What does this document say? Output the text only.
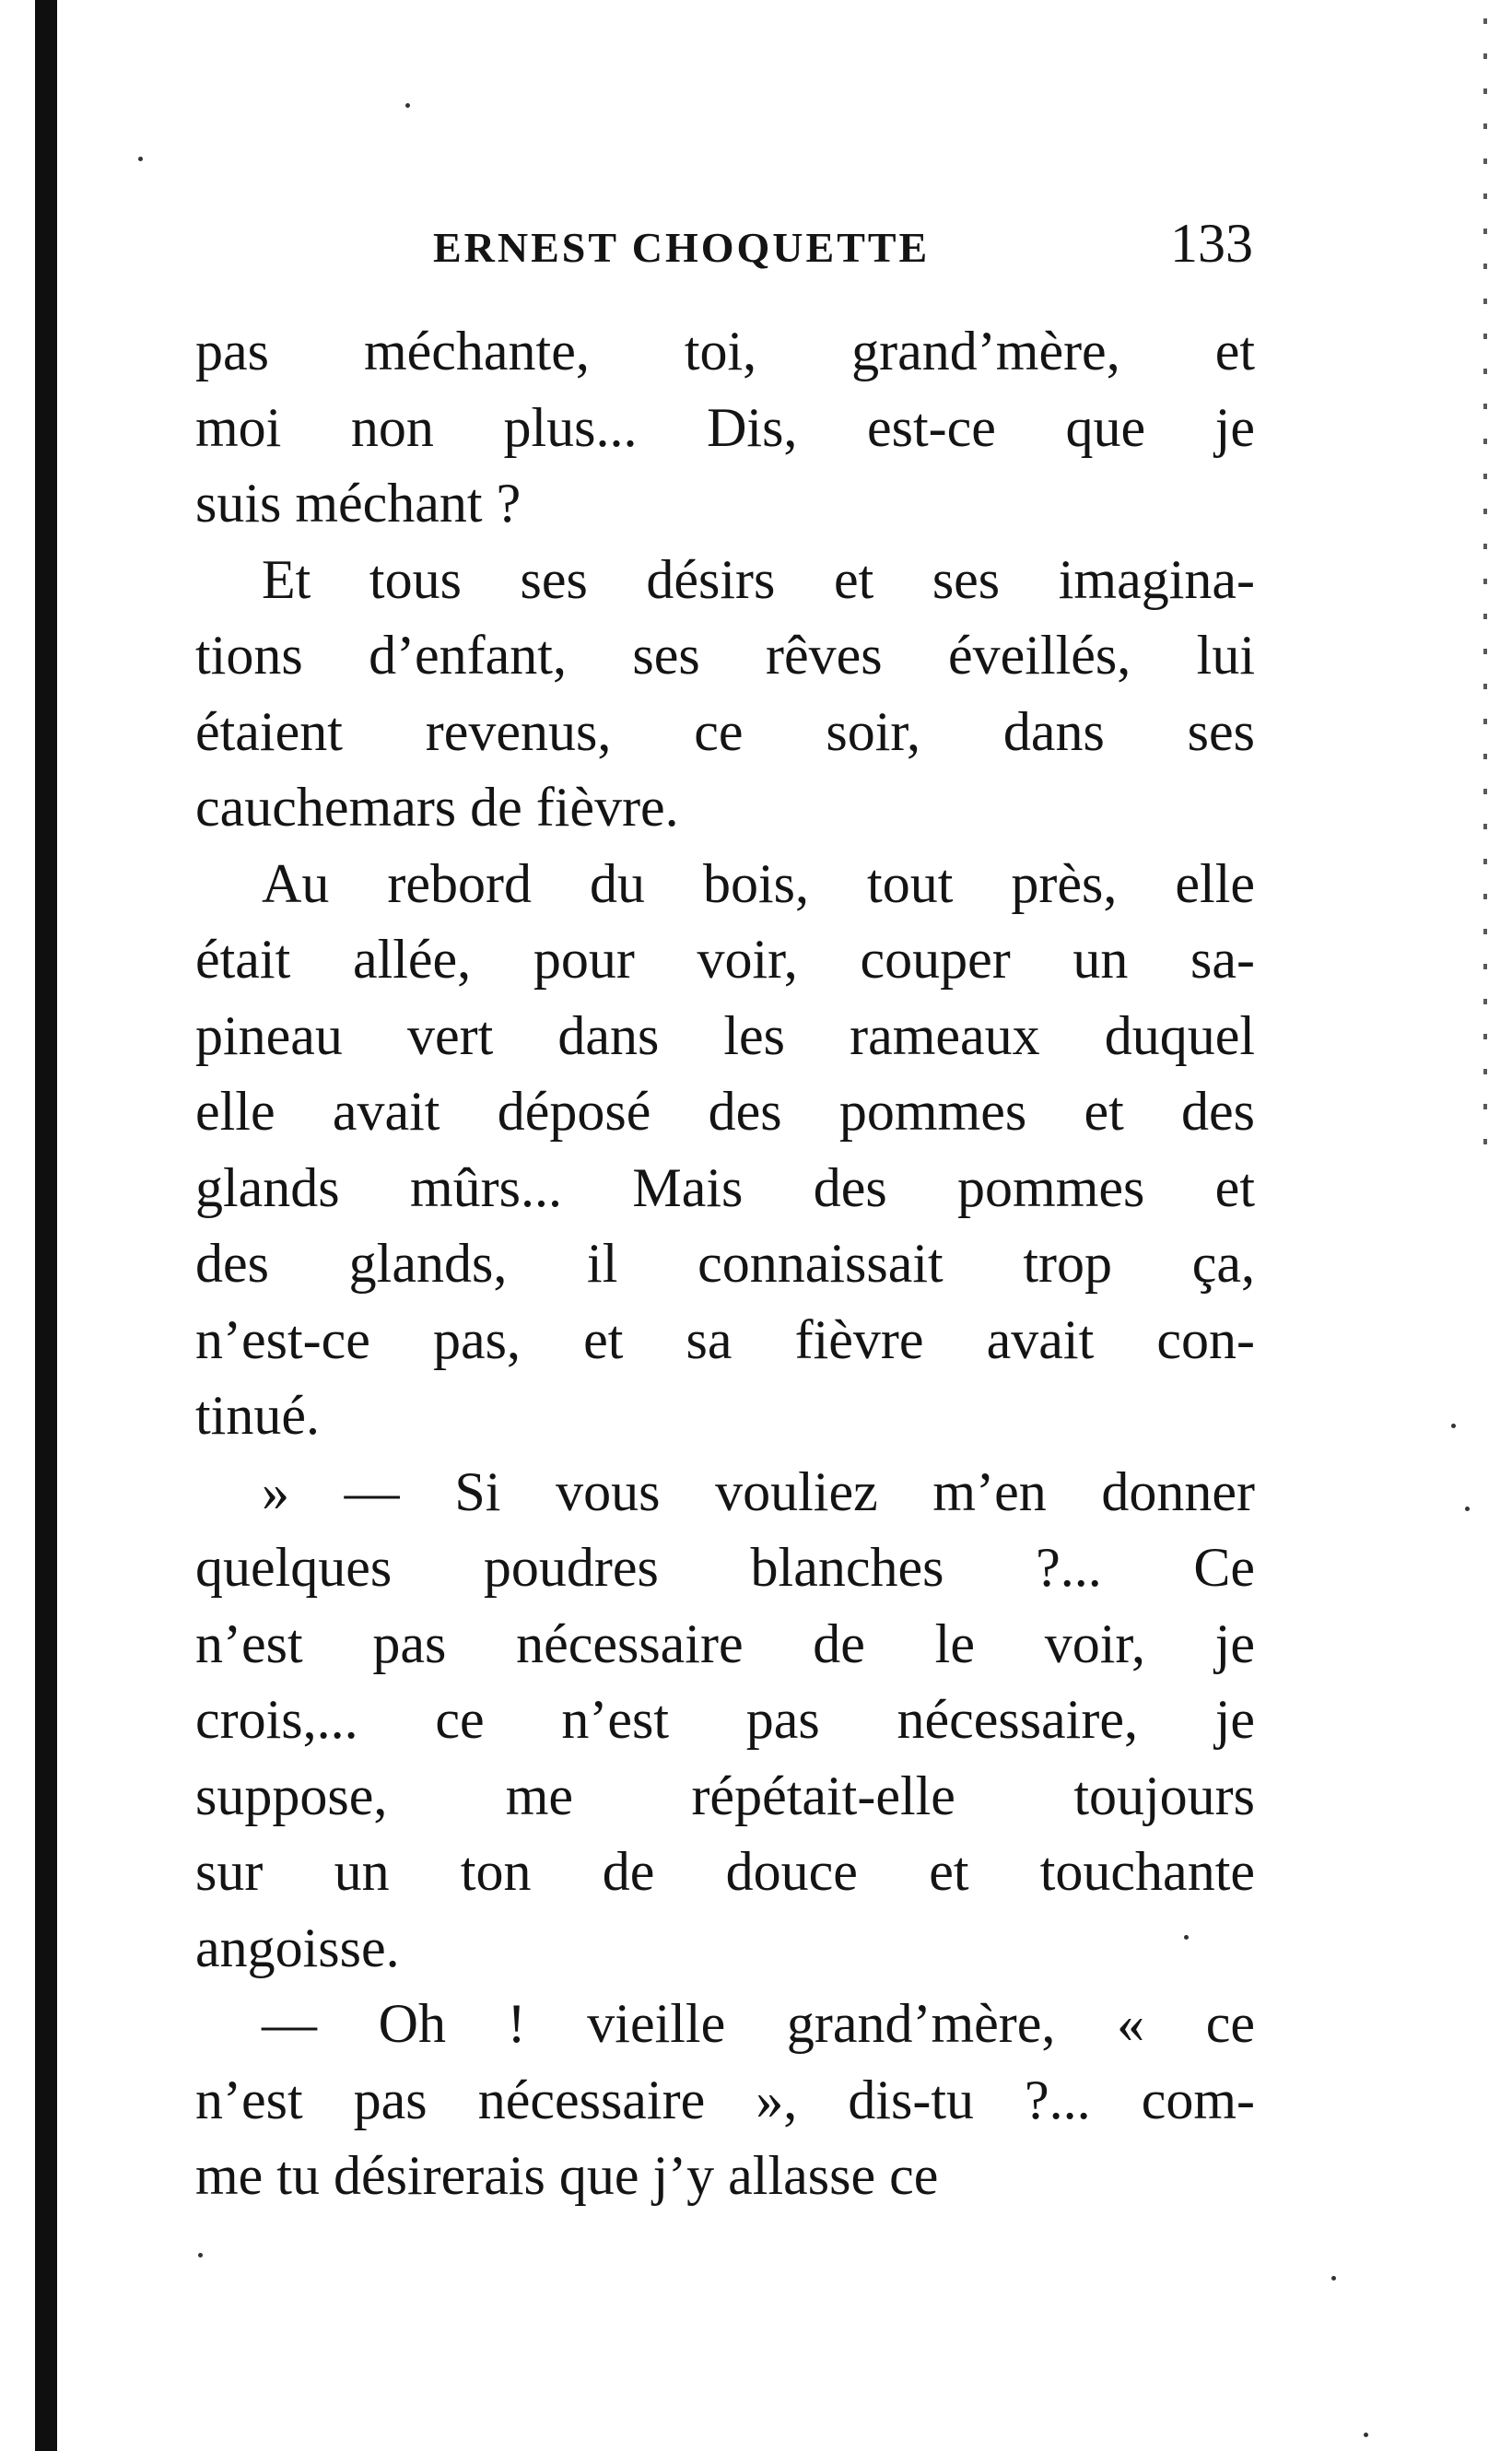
ERNEST CHOQUETTE	133
pas méchante, toi, grand’mère, et
moi non plus... Dis, est-ce que je
suis méchant ?
Et tous ses désirs et ses imagina-
tions d’enfant, ses rêves éveillés, lui
étaient revenus, ce soir, dans ses
cauchemars de fièvre.
Au rebord du bois, tout près, elle
était allée, pour voir, couper un sa-
pineau vert dans les rameaux duquel
elle avait déposé des pommes et des
glands mûrs... Mais des pommes et
des glands, il connaissait trop ça,
n’est-ce pas, et sa fièvre avait con-
tinué.
» — Si vous vouliez m’en donner
quelques poudres blanches ?... Ce
n’est pas nécessaire de le voir, je
crois,... ce n’est pas nécessaire, je
suppose, me répétait-elle toujours
sur un ton de douce et touchante
angoisse.
— Oh ! vieille grand’mère, « ce
n’est pas nécessaire », dis-tu ?... com-
me tu désirerais que j’y allasse ce
